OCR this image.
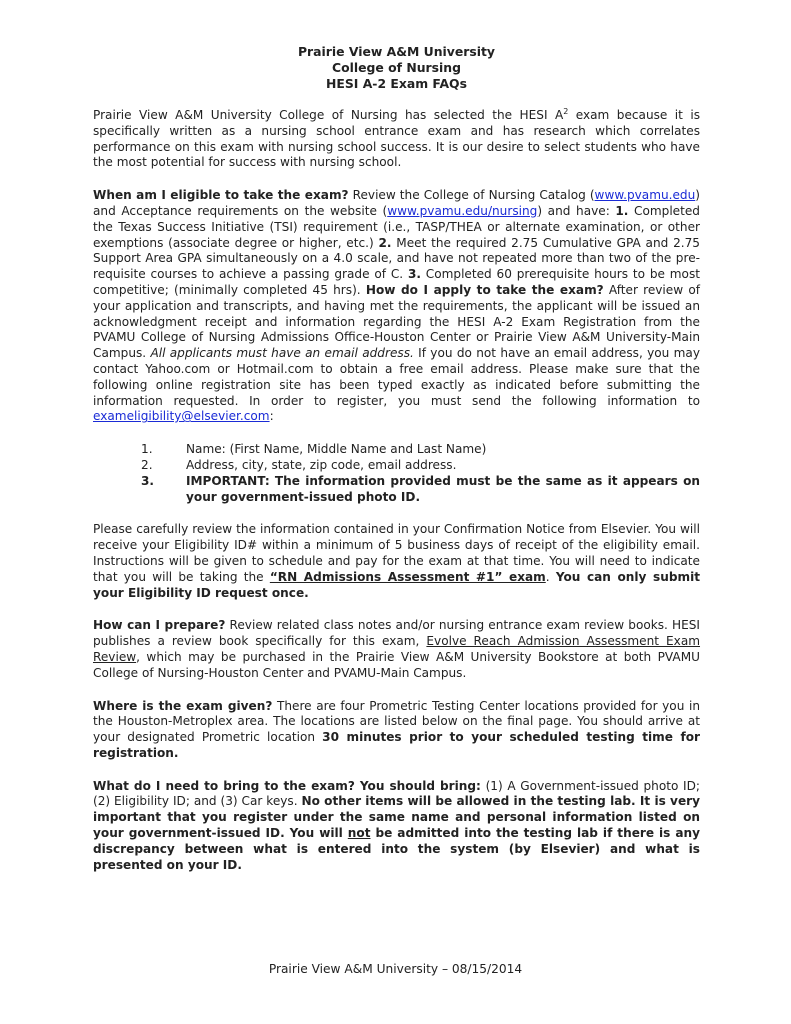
Prairie View A&M University
College of Nursing
HESI A-2 Exam FAQs

Prairie View A&M University College of Nursing has selected the HESI $A^2$ exam because it is specifically written as a nursing school entrance exam and has research which correlates performance on this exam with nursing school success. It is our desire to select students who have the most potential for success with nursing school.

When am I eligible to take the exam? Review the College of Nursing Catalog (www.pvamu.edu) and Acceptance requirements on the website (www.pvamu.edu/nursing) and have: 1. Completed the Texas Success Initiative (TSI) requirement (i.e., TASP/THEA or alternate examination, or other exemptions (associate degree or higher, etc.) 2. Meet the required 2.75 Cumulative GPA and 2.75 Support Area GPA simultaneously on a 4.0 scale, and have not repeated more than two of the pre-requisite courses to achieve a passing grade of C. 3. Completed 60 prerequisite hours to be most competitive; (minimally completed 45 hrs). How do I apply to take the exam? After review of your application and transcripts, and having met the requirements, the applicant will be issued an acknowledgment receipt and information regarding the HESI A-2 Exam Registration from the PVAMU College of Nursing Admissions Office-Houston Center or Prairie View A&M University-Main Campus. All applicants must have an email address. If you do not have an email address, you may contact Yahoo.com or Hotmail.com to obtain a free email address. Please make sure that the following online registration site has been typed exactly as indicated before submitting the information requested. In order to register, you must send the following information to exameligibility@elsevier.com:

1.	Name: (First Name, Middle Name and Last Name)
2.	Address, city, state, zip code, email address.
3.	IMPORTANT: The information provided must be the same as it appears on your government-issued photo ID.

Please carefully review the information contained in your Confirmation Notice from Elsevier. You will receive your Eligibility ID# within a minimum of 5 business days of receipt of the eligibility email. Instructions will be given to schedule and pay for the exam at that time. You will need to indicate that you will be taking the “RN Admissions Assessment #1” exam. You can only submit your Eligibility ID request once.

How can I prepare? Review related class notes and/or nursing entrance exam review books. HESI publishes a review book specifically for this exam, Evolve Reach Admission Assessment Exam Review, which may be purchased in the Prairie View A&M University Bookstore at both PVAMU College of Nursing-Houston Center and PVAMU-Main Campus.

Where is the exam given? There are four Prometric Testing Center locations provided for you in the Houston-Metroplex area. The locations are listed below on the final page. You should arrive at your designated Prometric location 30 minutes prior to your scheduled testing time for registration.

What do I need to bring to the exam? You should bring: (1) A Government-issued photo ID; (2) Eligibility ID; and (3) Car keys. No other items will be allowed in the testing lab. It is very important that you register under the same name and personal information listed on your government-issued ID. You will not be admitted into the testing lab if there is any discrepancy between what is entered into the system (by Elsevier) and what is presented on your ID.

Prairie View A&M University – 08/15/2014
